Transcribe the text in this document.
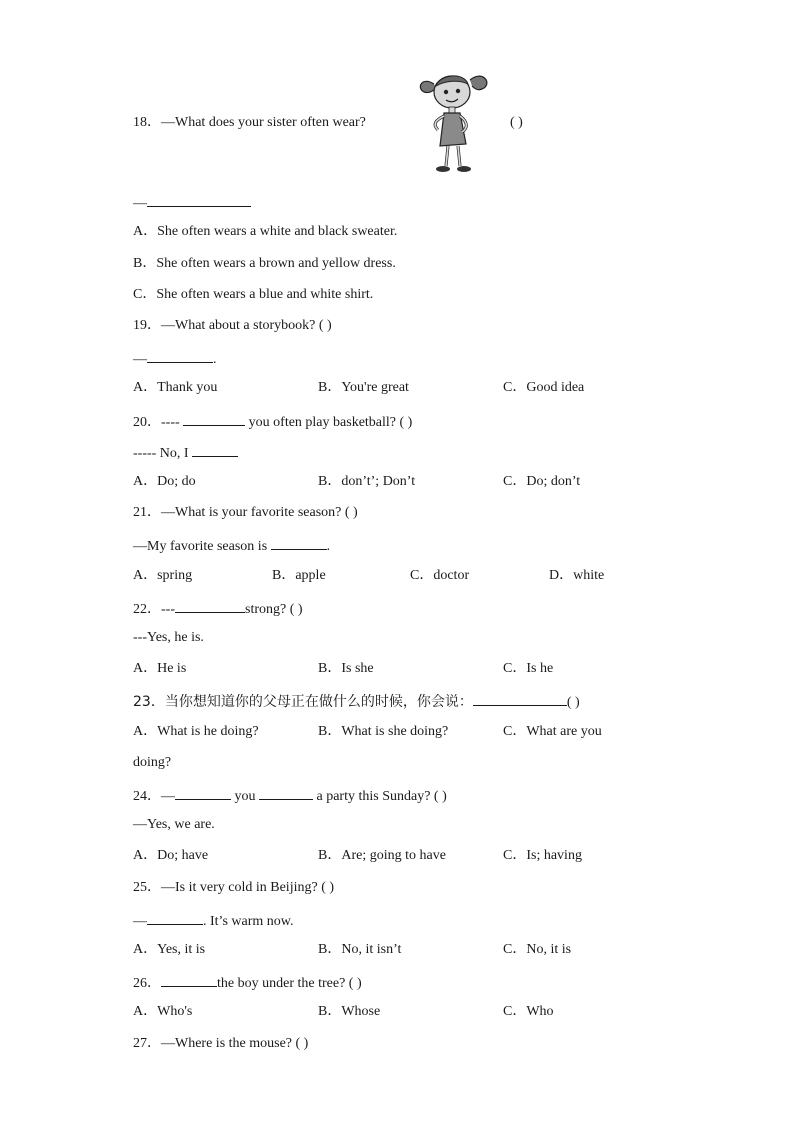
18．—What does your sister often wear?	( )
—
A．She often wears a white and black sweater.
B．She often wears a brown and yellow dress.
C．She often wears a blue and white shirt.
19．—What about a storybook? ( )
—	.
A．Thank you	B．You're great	C．Good idea
20．----	you often play basketball? ( )
----- No, I
A．Do; do	B．don’t’; Don’t	C．Do; don’t
21．—What is your favorite season? ( )
—My favorite season is	.
A．spring	B．apple	C．doctor	D．white
22．---	strong? ( )
---Yes, he is.
A．He is	B．Is she	C．Is he
23．当你想知道你的父母正在做什么的时候，你会说：	( )
A．What is he doing?	B．What is she doing?	C．What are you
doing?
24．—	you	a party this Sunday? ( )
—Yes, we are.
A．Do; have	B．Are; going to have	C．Is; having
25．—Is it very cold in Beijing? ( )
—	. It’s warm now.
A．Yes, it is	B．No, it isn’t	C．No, it is
26．	the boy under the tree? ( )
A．Who's	B．Whose	C．Who
27．—Where is the mouse? ( )
